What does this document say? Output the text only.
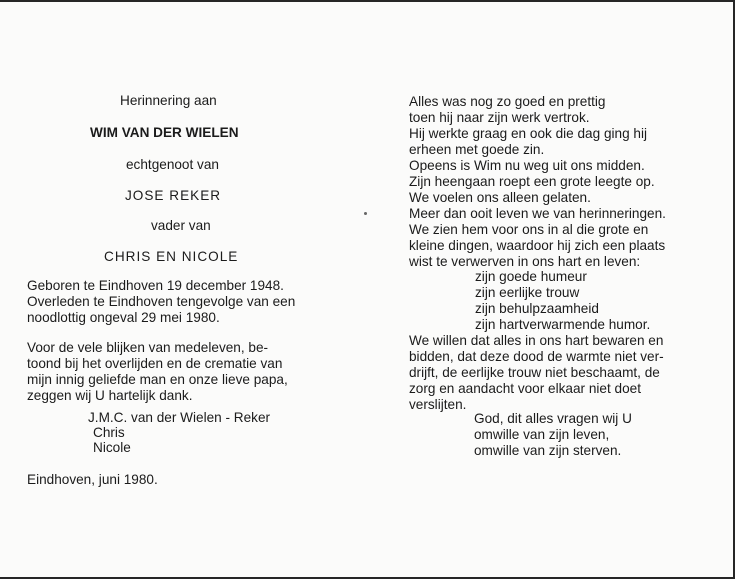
Herinnering aan
WIM VAN DER WIELEN
echtgenoot van
JOSE REKER
vader van
CHRIS EN NICOLE
Geboren te Eindhoven 19 december 1948.
Overleden te Eindhoven tengevolge van een
noodlottig ongeval 29 mei 1980.
Voor de vele blijken van medeleven, be-
toond bij het overlijden en de crematie van
mijn innig geliefde man en onze lieve papa,
zeggen wij U hartelijk dank.
J.M.C. van der Wielen - Reker
Chris
Nicole
Eindhoven, juni 1980.
Alles was nog zo goed en prettig
toen hij naar zijn werk vertrok.
Hij werkte graag en ook die dag ging hij
erheen met goede zin.
Opeens is Wim nu weg uit ons midden.
Zijn heengaan roept een grote leegte op.
We voelen ons alleen gelaten.
Meer dan ooit leven we van herinneringen.
We zien hem voor ons in al die grote en
kleine dingen, waardoor hij zich een plaats
wist te verwerven in ons hart en leven:
zijn goede humeur
zijn eerlijke trouw
zijn behulpzaamheid
zijn hartverwarmende humor.
We willen dat alles in ons hart bewaren en
bidden, dat deze dood de warmte niet ver-
drijft, de eerlijke trouw niet beschaamt, de
zorg en aandacht voor elkaar niet doet
verslijten.
God, dit alles vragen wij U
omwille van zijn leven,
omwille van zijn sterven.
